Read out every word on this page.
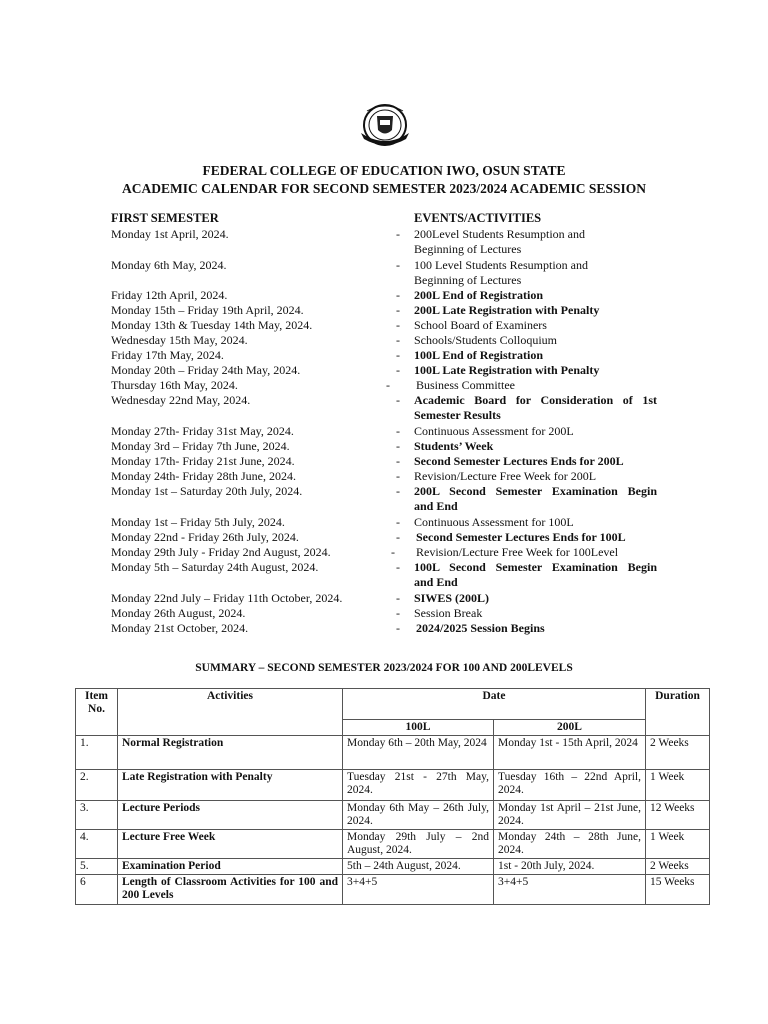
FEDERAL COLLEGE OF EDUCATION IWO, OSUN STATE
ACADEMIC CALENDAR FOR SECOND SEMESTER 2023/2024 ACADEMIC SESSION
FIRST SEMESTER	EVENTS/ACTIVITIES
Monday 1st April, 2024.	- 200Level Students Resumption and
Beginning of Lectures
Monday 6th May, 2024.	- 100 Level Students Resumption and
Beginning of Lectures
Friday 12th April, 2024.	- 200L End of Registration
Monday 15th – Friday 19th April, 2024.	- 200L Late Registration with Penalty
Monday 13th & Tuesday 14th May, 2024.	- School Board of Examiners
Wednesday 15th May, 2024.	- Schools/Students Colloquium
Friday 17th May, 2024.	- 100L End of Registration
Monday 20th – Friday 24th May, 2024.	- 100L Late Registration with Penalty
Thursday 16th May, 2024.	- Business Committee
Wednesday 22nd May, 2024.	- Academic Board for Consideration of 1st
Semester Results
Monday 27th- Friday 31st May, 2024.	- Continuous Assessment for 200L
Monday 3rd – Friday 7th June, 2024.	- Students’ Week
Monday 17th- Friday 21st June, 2024.	- Second Semester Lectures Ends for 200L
Monday 24th- Friday 28th June, 2024.	- Revision/Lecture Free Week for 200L
Monday 1st – Saturday 20th July, 2024.	- 200L Second Semester Examination Begin
and End
Monday 1st – Friday 5th July, 2024.	- Continuous Assessment for 100L
Monday 22nd - Friday 26th July, 2024.	- Second Semester Lectures Ends for 100L
Monday 29th July - Friday 2nd August, 2024.	- Revision/Lecture Free Week for 100Level
Monday 5th – Saturday 24th August, 2024.	- 100L Second Semester Examination Begin
and End
Monday 22nd July – Friday 11th October, 2024.	- SIWES (200L)
Monday 26th August, 2024.	- Session Break
Monday 21st October, 2024.	- 2024/2025 Session Begins
SUMMARY – SECOND SEMESTER 2023/2024 FOR 100 AND 200LEVELS
Item No.	Activities	Date		Duration
		100L	200L	
1.	Normal Registration	Monday 6th – 20th May, 2024	Monday 1st - 15th April, 2024	2 Weeks
2.	Late Registration with Penalty	Tuesday 21st - 27th May, 2024.	Tuesday 16th – 22nd April, 2024.	1 Week
3.	Lecture Periods	Monday 6th May – 26th July, 2024.	Monday 1st April – 21st June, 2024.	12 Weeks
4.	Lecture Free Week	Monday 29th July – 2nd August, 2024.	Monday 24th – 28th June, 2024.	1 Week
5.	Examination Period	5th – 24th August, 2024.	1st - 20th July, 2024.	2 Weeks
6	Length of Classroom Activities for 100 and 200 Levels	3+4+5	3+4+5	15 Weeks
